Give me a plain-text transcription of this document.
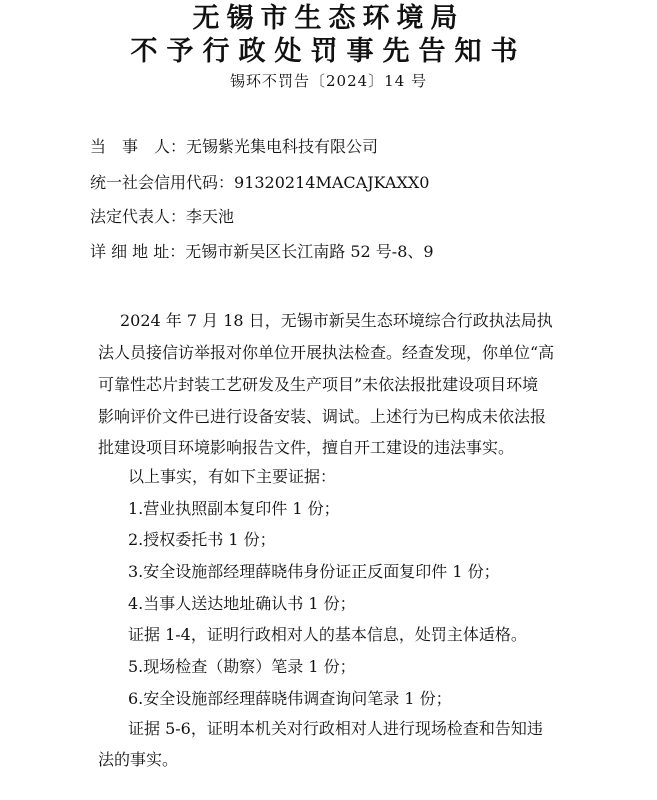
无锡市生态环境局
不予行政处罚事先告知书
锡环不罚告〔2024〕14 号
当　事　人：无锡紫光集电科技有限公司
统一社会信用代码：91320214MACAJKAXX0
法定代表人：李天池
详 细 地 址：无锡市新吴区长江南路 52 号-8、9
2024 年 7 月 18 日，无锡市新吴生态环境综合行政执法局执
法人员接信访举报对你单位开展执法检查。经查发现，你单位“高
可靠性芯片封装工艺研发及生产项目”未依法报批建设项目环境
影响评价文件已进行设备安装、调试。上述行为已构成未依法报
批建设项目环境影响报告文件，擅自开工建设的违法事实。
以上事实，有如下主要证据：
1.营业执照副本复印件 1 份；
2.授权委托书 1 份；
3.安全设施部经理薛晓伟身份证正反面复印件 1 份；
4.当事人送达地址确认书 1 份；
证据 1-4，证明行政相对人的基本信息，处罚主体适格。
5.现场检查（勘察）笔录 1 份；
6.安全设施部经理薛晓伟调查询问笔录 1 份；
证据 5-6，证明本机关对行政相对人进行现场检查和告知违
法的事实。
